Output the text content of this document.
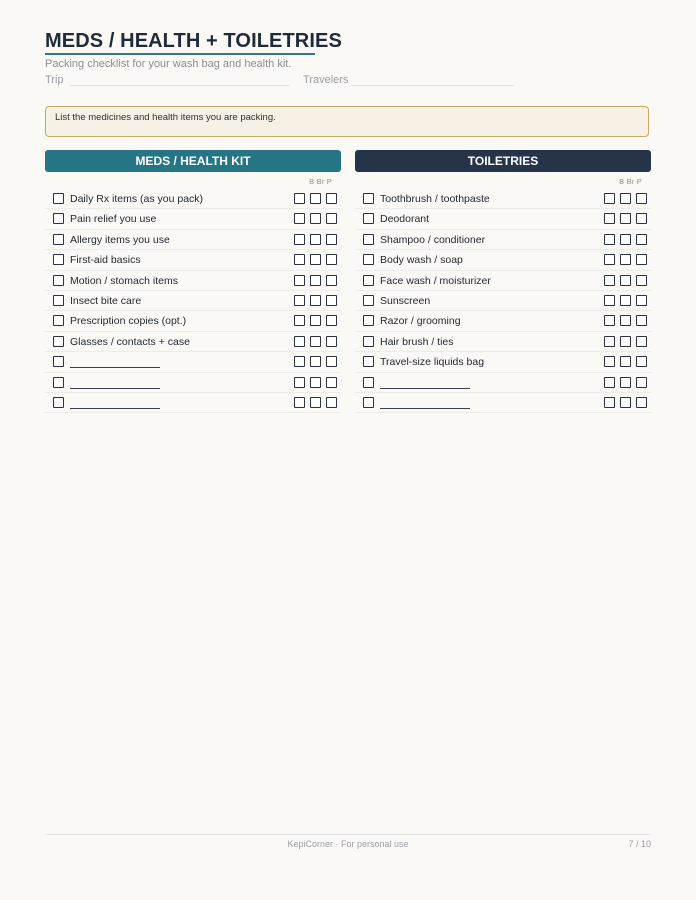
MEDS / HEALTH + TOILETRIES
Packing checklist for your wash bag and health kit.
Trip	Travelers
List the medicines and health items you are packing.
MEDS / HEALTH KIT
B Br P
Daily Rx items (as you pack)
Pain relief you use
Allergy items you use
First-aid basics
Motion / stomach items
Insect bite care
Prescription copies (opt.)
Glasses / contacts + case
TOILETRIES
B Br P
Toothbrush / toothpaste
Deodorant
Shampoo / conditioner
Body wash / soap
Face wash / moisturizer
Sunscreen
Razor / grooming
Hair brush / ties
Travel-size liquids bag
KepiCorner · For personal use	7 / 10
